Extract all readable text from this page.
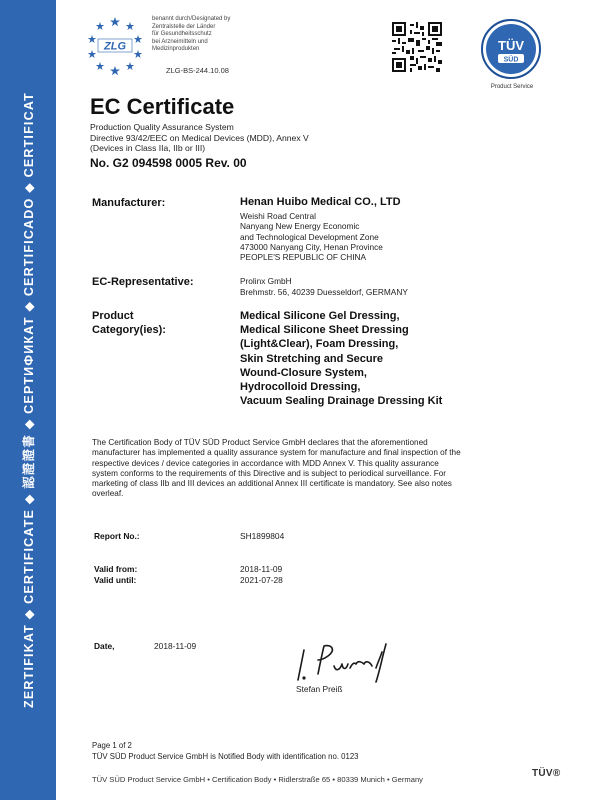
ZERTIFIKAT ◆ CERTIFICATE ◆ 認證證書 ◆ СЕРТИФИКАТ ◆ CERTIFICADO ◆ CERTIFICAT
ZLG
benannt durch/Designated by
Zentralstelle der Länder
für Gesundheitsschutz
bei Arzneimitteln und
Medizinprodukten
ZLG-BS-244.10.08
TÜV
SÜD
Product Service
EC Certificate
Production Quality Assurance System
Directive 93/42/EEC on Medical Devices (MDD), Annex V
(Devices in Class IIa, IIb or III)
No. G2 094598 0005 Rev. 00
Manufacturer:	Henan Huibo Medical CO., LTD
Weishi Road Central
Nanyang New Energy Economic
and Technological Development Zone
473000 Nanyang City, Henan Province
PEOPLE'S REPUBLIC OF CHINA
EC-Representative:	Prolinx GmbH
Brehmstr. 56, 40239 Duesseldorf, GERMANY
Product
Category(ies):
Medical Silicone Gel Dressing,
Medical Silicone Sheet Dressing
(Light&Clear), Foam Dressing,
Skin Stretching and Secure
Wound-Closure System,
Hydrocolloid Dressing,
Vacuum Sealing Drainage Dressing Kit
The Certification Body of TÜV SÜD Product Service GmbH declares that the aforementioned
manufacturer has implemented a quality assurance system for manufacture and final inspection of the
respective devices / device categories in accordance with MDD Annex V. This quality assurance
system conforms to the requirements of this Directive and is subject to periodical surveillance. For
marketing of class IIb and III devices an additional Annex III certificate is mandatory. See also notes
overleaf.
Report No.:	SH1899804
Valid from:	2018-11-09
Valid until:	2021-07-28
Date,	2018-11-09
Stefan Preiß
Page 1 of 2
TÜV SÜD Product Service GmbH is Notified Body with identification no. 0123
TÜV SÜD Product Service GmbH • Certification Body • Ridlerstraße 65 • 80339 Munich • Germany
TÜV®
